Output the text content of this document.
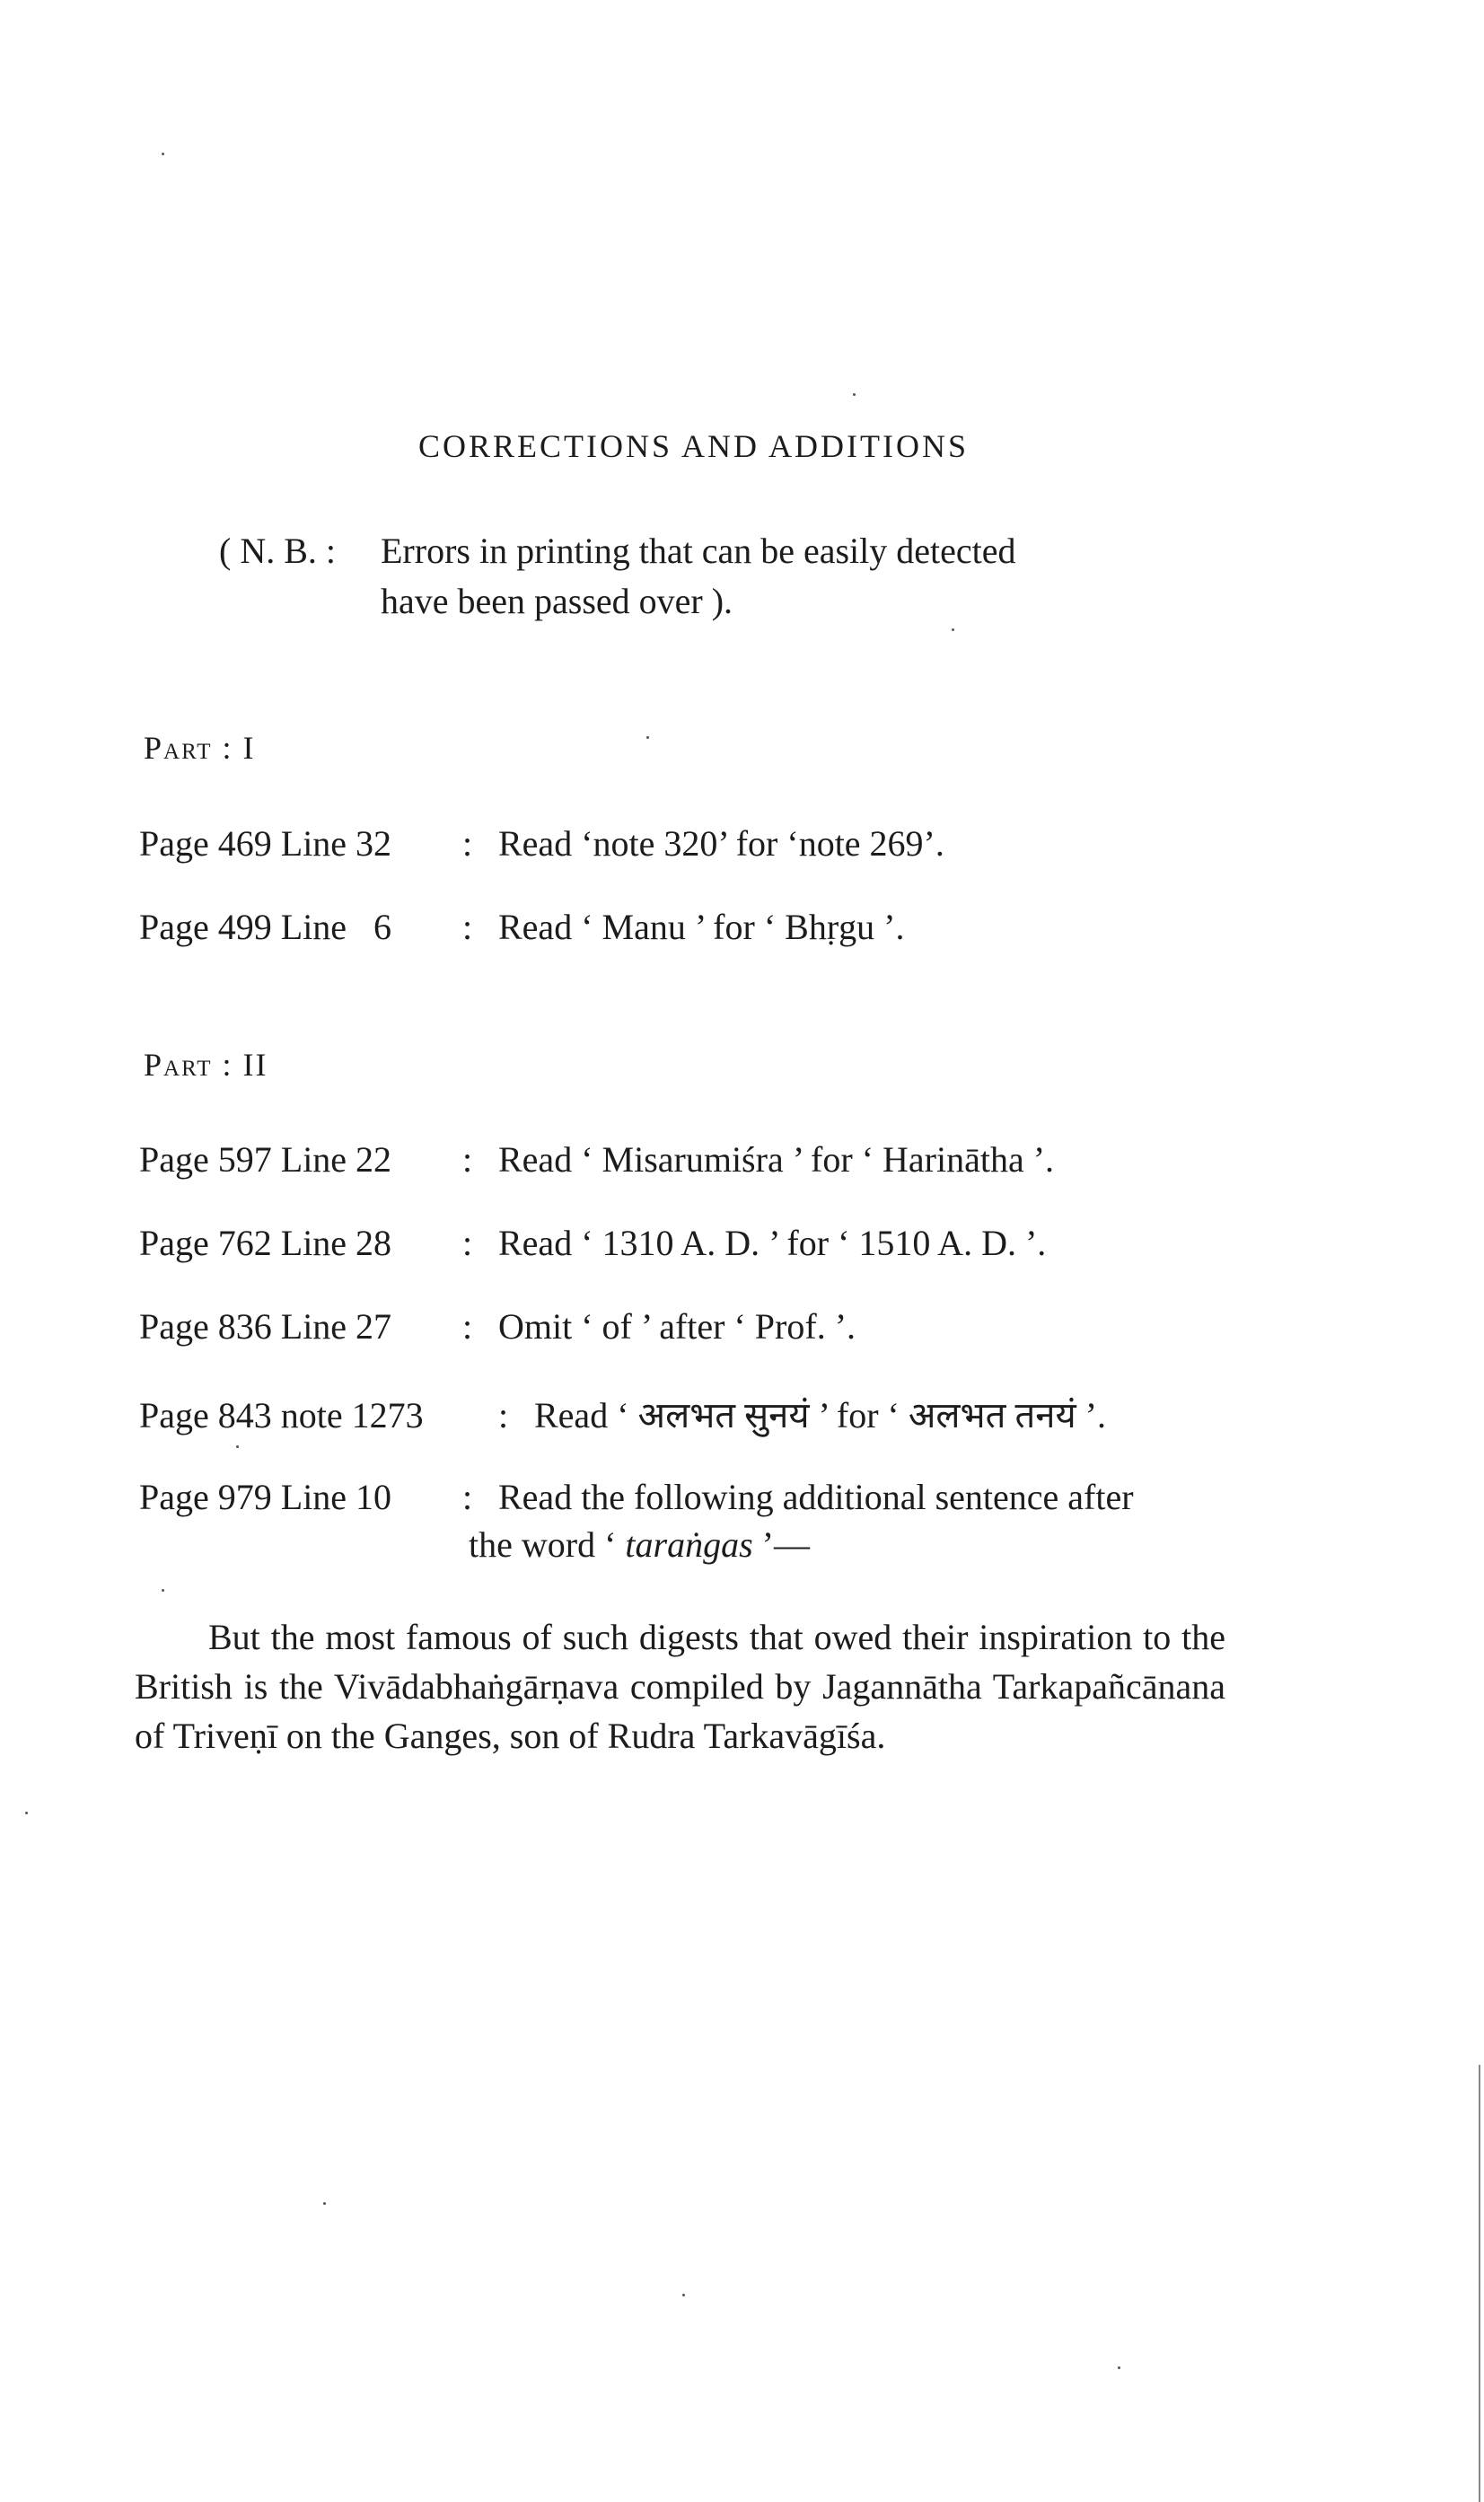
CORRECTIONS AND ADDITIONS
( N. B. : Errors in printing that can be easily detected
have been passed over ).
Part : I
Page 469 Line 32 : Read ‘note 320’ for ‘note 269’.
Page 499 Line   6 : Read ‘ Manu ’ for ‘ Bhṛgu ’.
Part : II
Page 597 Line 22 : Read ‘ Misarumiśra ’ for ‘ Harinātha ’.
Page 762 Line 28 : Read ‘ 1310 A. D. ’ for ‘ 1510 A. D. ’.
Page 836 Line 27 : Omit ‘ of ’ after ‘ Prof. ’.
Page 843 note 1273 : Read ‘ अलभत सुनयं ’ for ‘ अलभत तनयं ’.
Page 979 Line 10 : Read the following additional sentence after
the word ‘ taraṅgas ’—
But the most famous of such digests that owed their inspiration to the British is the Vivādabhaṅgārṇava compiled by Jagannātha Tarkapañcānana of Triveṇī on the Ganges, son of Rudra Tarkavāgīśa.
